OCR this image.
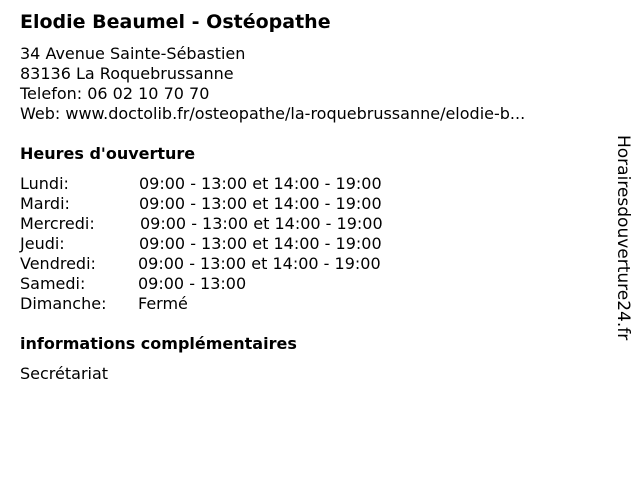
Elodie Beaumel - Ostéopathe
34 Avenue Sainte-Sébastien
83136 La Roquebrussanne
Telefon: 06 02 10 70 70
Web: www.doctolib.fr/osteopathe/la-roquebrussanne/elodie-b...
Heures d'ouverture
Lundi:	09:00 - 13:00 et 14:00 - 19:00
Mardi:	09:00 - 13:00 et 14:00 - 19:00
Mercredi:	09:00 - 13:00 et 14:00 - 19:00
Jeudi:	09:00 - 13:00 et 14:00 - 19:00
Vendredi:	09:00 - 13:00 et 14:00 - 19:00
Samedi:	09:00 - 13:00
Dimanche: Fermé
informations complémentaires
Secrétariat
Horairesdouverture24.fr
